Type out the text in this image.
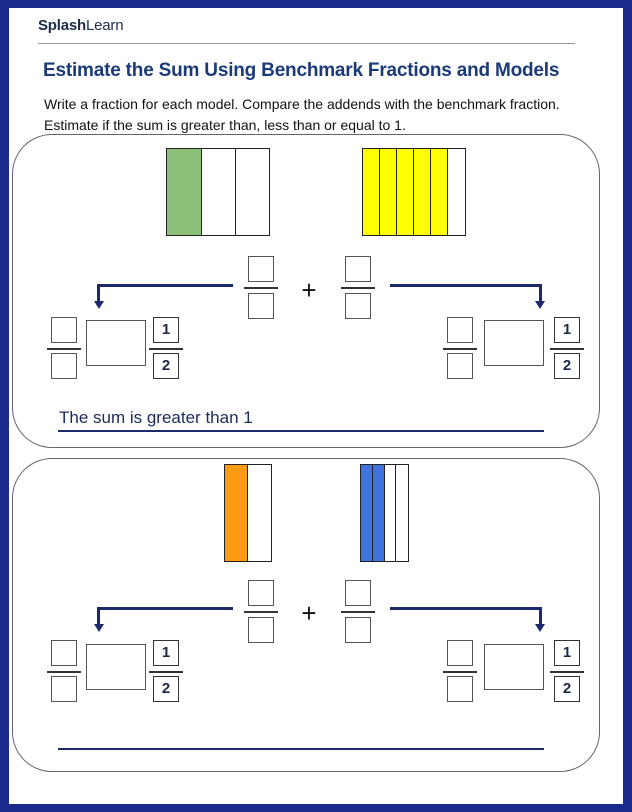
SplashLearn
Estimate the Sum Using Benchmark Fractions and Models
Write a fraction for each model. Compare the addends with the benchmark fraction.
Estimate if the sum is greater than, less than or equal to 1.
+
1
2
1
2
The sum is greater than 1
+
1
2
1
2
